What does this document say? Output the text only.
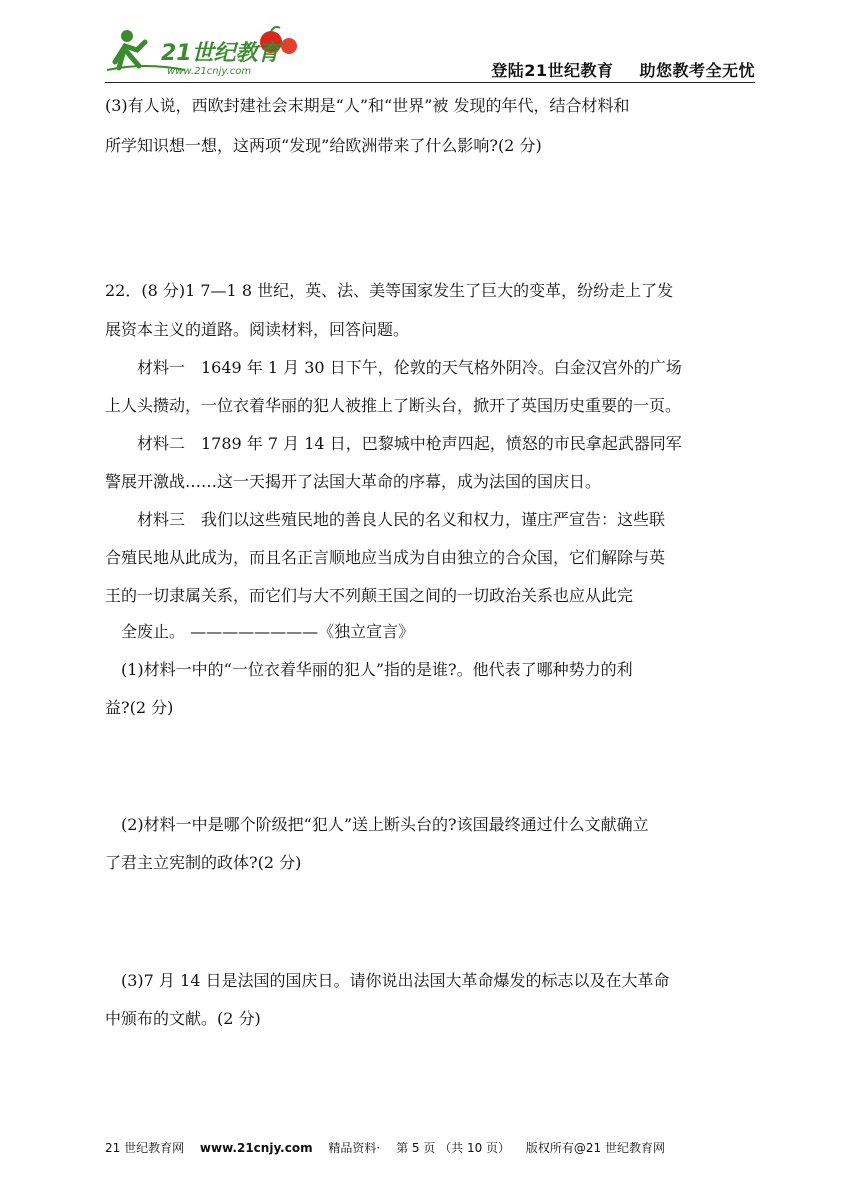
21世纪教育
www.21cnjy.com	登陆21世纪教育 助您教考全无忧
(3)有人说，西欧封建社会末期是“人”和“世界”被 发现的年代，结合材料和
所学知识想一想，这两项“发现”给欧洲带来了什么影响?(2 分)
22．(8 分)1 7—1 8 世纪，英、法、美等国家发生了巨大的变革，纷纷走上了发
展资本主义的道路。阅读材料，回答问题。
材料一　1649 年 1 月 30 日下午，伦敦的天气格外阴冷。白金汉宫外的广场
上人头攒动，一位衣着华丽的犯人被推上了断头台，掀开了英国历史重要的一页。
材料二　1789 年 7 月 14 日，巴黎城中枪声四起，愤怒的市民拿起武器同军
警展开激战……这一天揭开了法国大革命的序幕，成为法国的国庆日。
材料三　我们以这些殖民地的善良人民的名义和权力，谨庄严宣告：这些联
合殖民地从此成为，而且名正言顺地应当成为自由独立的合众国，它们解除与英
王的一切隶属关系，而它们与大不列颠王国之间的一切政治关系也应从此完
全废止。 ————————《独立宣言》
(1)材料一中的“一位衣着华丽的犯人”指的是谁?。他代表了哪种势力的利
益?(2 分)
(2)材料一中是哪个阶级把“犯人”送上断头台的?该国最终通过什么文献确立
了君主立宪制的政体?(2 分)
(3)7 月 14 日是法国的国庆日。请你说出法国大革命爆发的标志以及在大革命
中颁布的文献。(2 分)
21 世纪教育网 www.21cnjy.com 精品资料· 第 5 页 （共 10 页） 版权所有@21 世纪教育网
